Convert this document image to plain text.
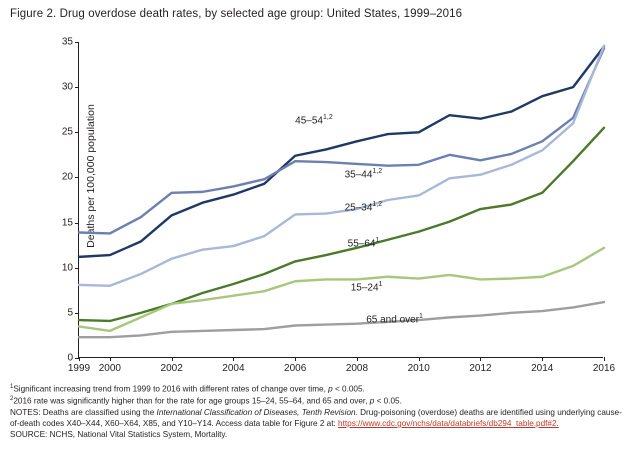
Figure 2. Drug overdose death rates, by selected age group: United States, 1999–2016
Deaths per 100,000 population
0
5
10
15
20
25
30
35
1999 2000	2002	2004	2006	2008	2010	2012	2014	2016
45–54$^{1,2}$
35–44$^{1,2}$
25–34$^{1,2}$
$55-64^1$
$15-24^1$
65 and over$^1$
$^1$Significant increasing trend from 1999 to 2016 with different rates of change over time, p < 0.005.
$^2$2016 rate was significantly higher than for the rate for age groups 15–24, 55–64, and 65 and over, p < 0.05.
NOTES: Deaths are classified using the International Classification of Diseases, Tenth Revision. Drug-poisoning (overdose) deaths are identified using underlying cause-of-death codes X40–X44, X60–X64, X85, and Y10–Y14. Access data table for Figure 2 at: https://www.cdc.gov/nchs/data/databriefs/db294_table.pdf#2.
SOURCE: NCHS, National Vital Statistics System, Mortality.
